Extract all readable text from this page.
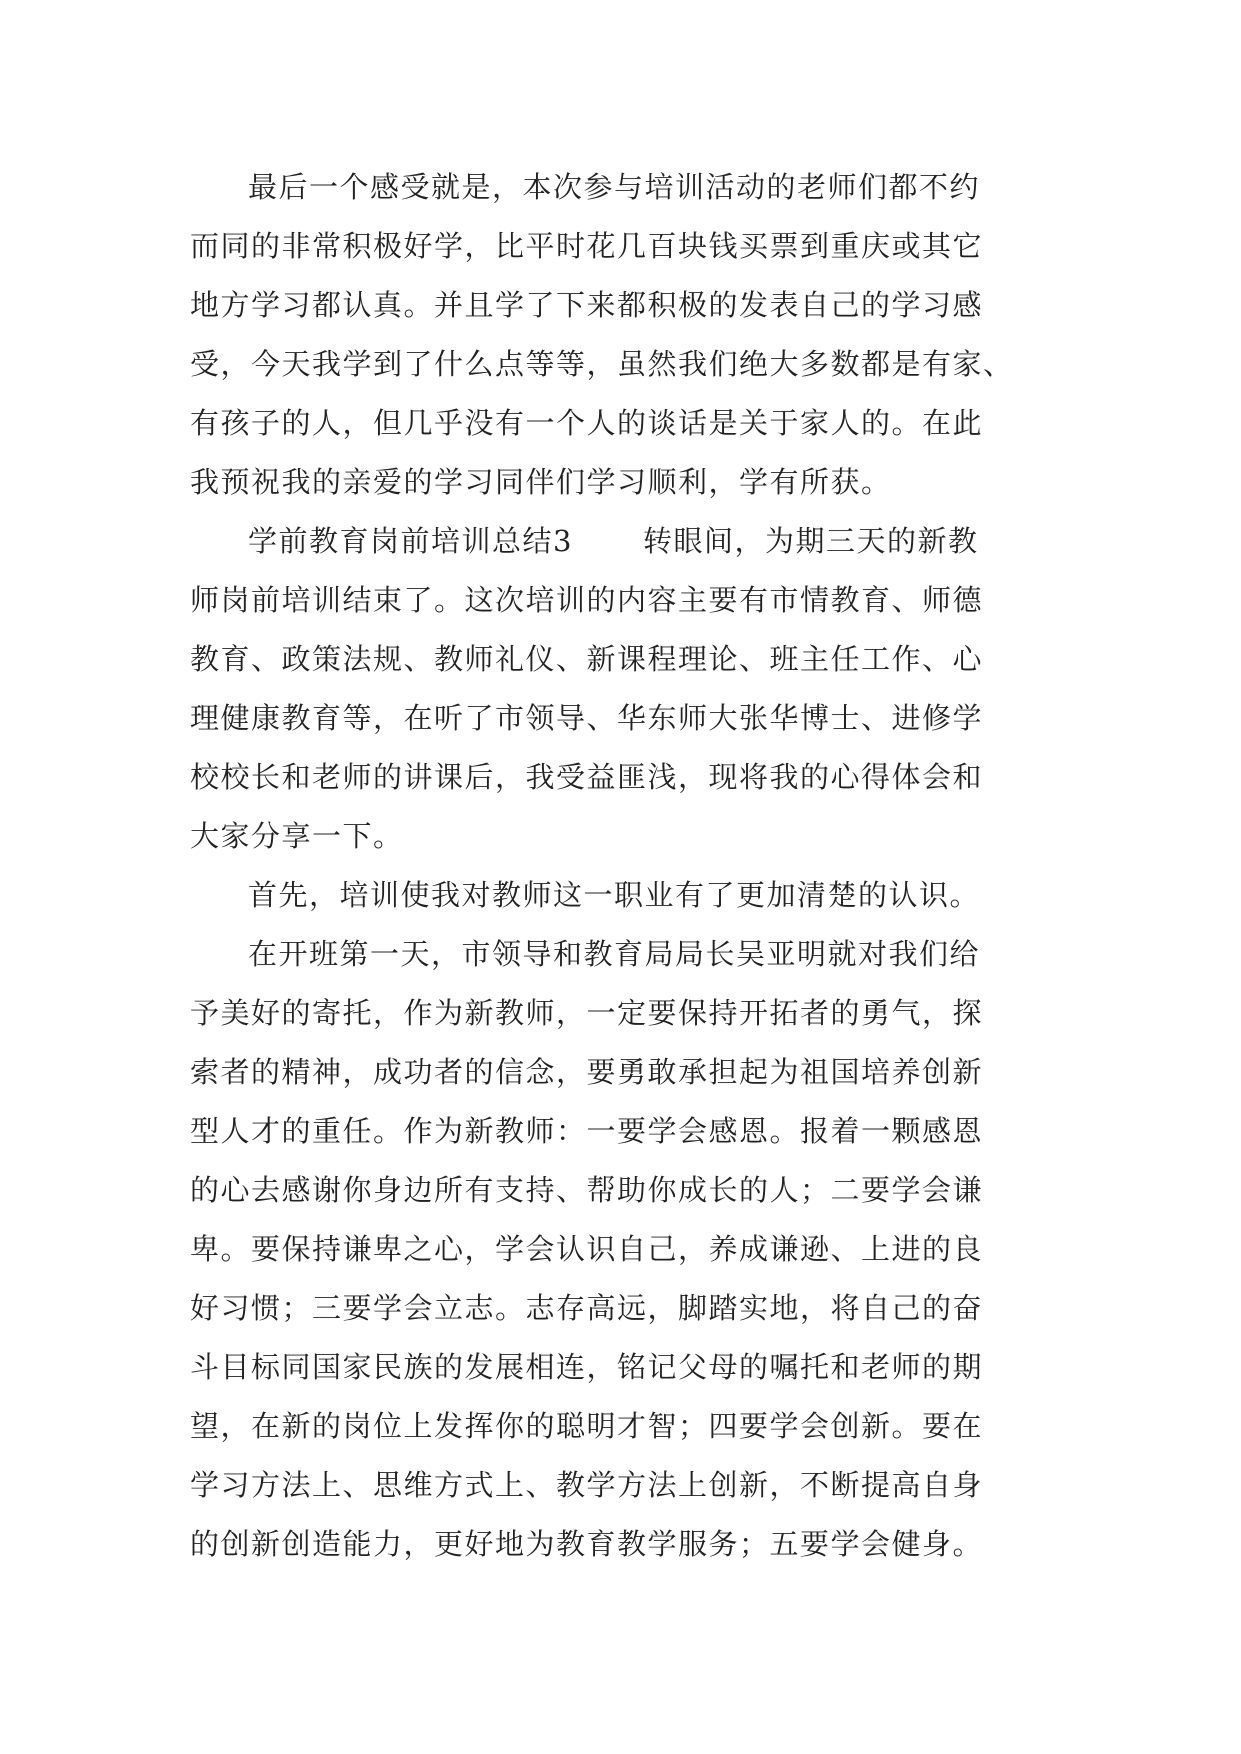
最后一个感受就是，本次参与培训活动的老师们都不约
而同的非常积极好学，比平时花几百块钱买票到重庆或其它
地方学习都认真。并且学了下来都积极的发表自己的学习感
受，今天我学到了什么点等等，虽然我们绝大多数都是有家、
有孩子的人，但几乎没有一个人的谈话是关于家人的。在此
我预祝我的亲爱的学习同伴们学习顺利，学有所获。
学前教育岗前培训总结3 转眼间，为期三天的新教
师岗前培训结束了。这次培训的内容主要有市情教育、师德
教育、政策法规、教师礼仪、新课程理论、班主任工作、心
理健康教育等，在听了市领导、华东师大张华博士、进修学
校校长和老师的讲课后，我受益匪浅，现将我的心得体会和
大家分享一下。
首先，培训使我对教师这一职业有了更加清楚的认识。
在开班第一天，市领导和教育局局长吴亚明就对我们给
予美好的寄托，作为新教师，一定要保持开拓者的勇气，探
索者的精神，成功者的信念，要勇敢承担起为祖国培养创新
型人才的重任。作为新教师：一要学会感恩。报着一颗感恩
的心去感谢你身边所有支持、帮助你成长的人；二要学会谦
卑。要保持谦卑之心，学会认识自己，养成谦逊、上进的良
好习惯；三要学会立志。志存高远，脚踏实地，将自己的奋
斗目标同国家民族的发展相连，铭记父母的嘱托和老师的期
望，在新的岗位上发挥你的聪明才智；四要学会创新。要在
学习方法上、思维方式上、教学方法上创新，不断提高自身
的创新创造能力，更好地为教育教学服务；五要学会健身。
